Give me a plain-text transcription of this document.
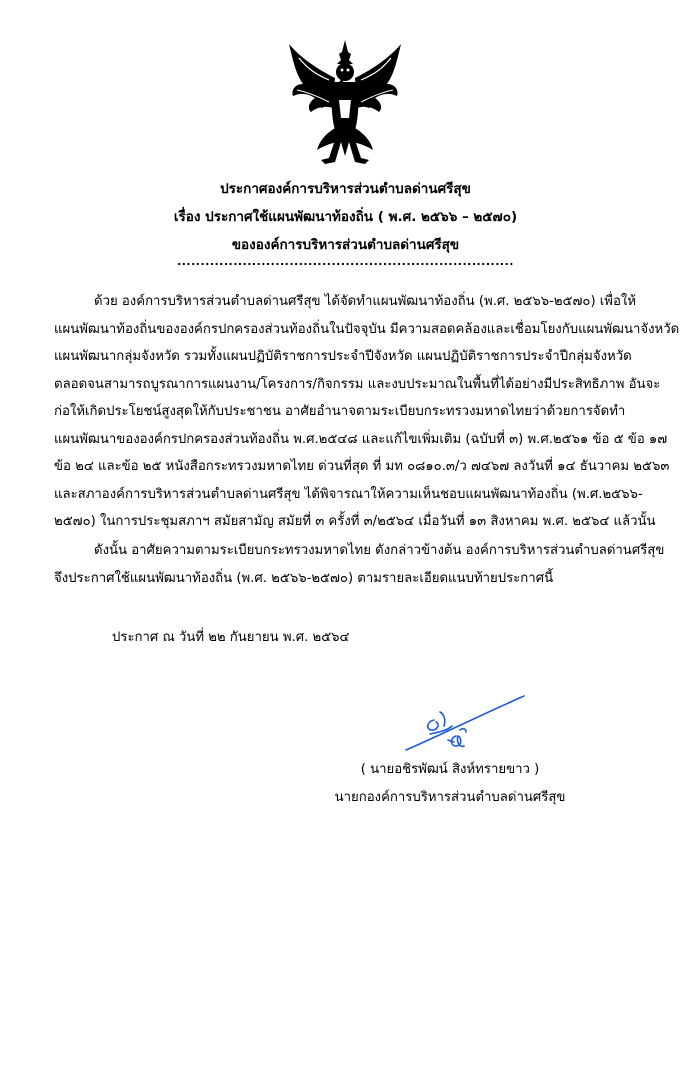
ประกาศองค์การบริหารส่วนตำบลด่านศรีสุข
เรื่อง ประกาศใช้แผนพัฒนาท้องถิ่น ( พ.ศ. ๒๕๖๖ – ๒๕๗๐)
ขององค์การบริหารส่วนตำบลด่านศรีสุข
........................................................................
ด้วย องค์การบริหารส่วนตำบลด่านศรีสุข ได้จัดทำแผนพัฒนาท้องถิ่น (พ.ศ. ๒๕๖๖-๒๕๗๐) เพื่อให้
แผนพัฒนาท้องถิ่นขององค์กรปกครองส่วนท้องถิ่นในปัจจุบัน มีความสอดคล้องและเชื่อมโยงกับแผนพัฒนาจังหวัด
แผนพัฒนากลุ่มจังหวัด รวมทั้งแผนปฏิบัติราชการประจำปีจังหวัด แผนปฏิบัติราชการประจำปีกลุ่มจังหวัด
ตลอดจนสามารถบูรณาการแผนงาน/โครงการ/กิจกรรม และงบประมาณในพื้นที่ได้อย่างมีประสิทธิภาพ อันจะ
ก่อให้เกิดประโยชน์สูงสุดให้กับประชาชน อาศัยอำนาจตามระเบียบกระทรวงมหาดไทยว่าด้วยการจัดทำ
แผนพัฒนาขององค์กรปกครองส่วนท้องถิ่น พ.ศ.๒๕๔๘ และแก้ไขเพิ่มเติม (ฉบับที่ ๓) พ.ศ.๒๕๖๑ ข้อ ๕ ข้อ ๑๗
ข้อ ๒๔ และข้อ ๒๕ หนังสือกระทรวงมหาดไทย ด่วนที่สุด ที่ มท ๐๘๑๐.๓/ว ๗๔๖๗ ลงวันที่ ๑๔ ธันวาคม ๒๕๖๓
และสภาองค์การบริหารส่วนตำบลด่านศรีสุข ได้พิจารณาให้ความเห็นชอบแผนพัฒนาท้องถิ่น (พ.ศ.๒๕๖๖-
๒๕๗๐) ในการประชุมสภาฯ สมัยสามัญ สมัยที่ ๓ ครั้งที่ ๓/๒๕๖๔ เมื่อวันที่ ๑๓ สิงหาคม พ.ศ. ๒๕๖๔ แล้วนั้น
ดังนั้น อาศัยความตามระเบียบกระทรวงมหาดไทย ดังกล่าวข้างต้น องค์การบริหารส่วนตำบลด่านศรีสุข
จึงประกาศใช้แผนพัฒนาท้องถิ่น (พ.ศ. ๒๕๖๖-๒๕๗๐) ตามรายละเอียดแนบท้ายประกาศนี้
ประกาศ ณ วันที่ ๒๒ กันยายน พ.ศ. ๒๕๖๔
( นายอชิรพัฒน์ สิงห์ทรายขาว )
นายกองค์การบริหารส่วนตำบลด่านศรีสุข
